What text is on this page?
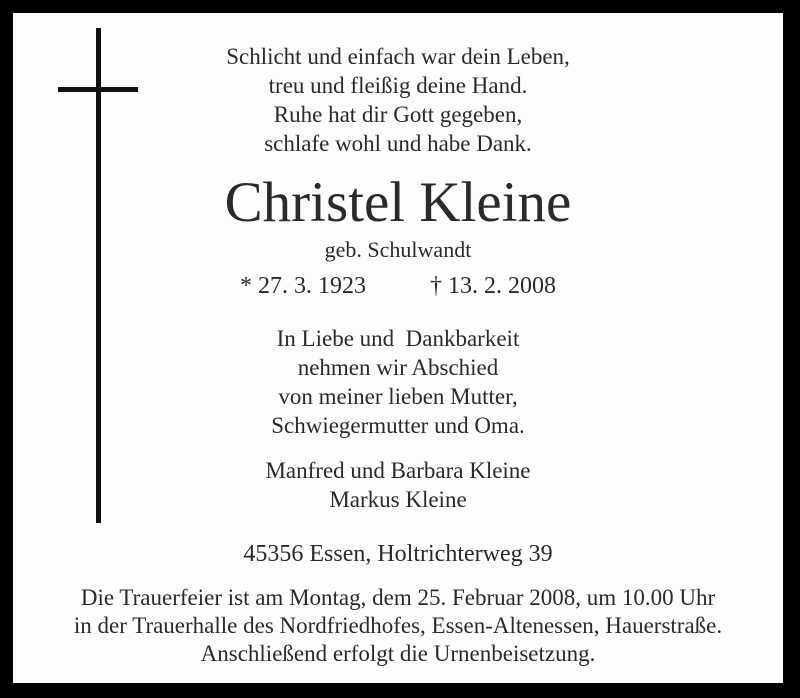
Schlicht und einfach war dein Leben,
treu und fleißig deine Hand.
Ruhe hat dir Gott gegeben,
schlafe wohl und habe Dank.
Christel Kleine
geb. Schulwandt
* 27. 3. 1923	† 13. 2. 2008
In Liebe und  Dankbarkeit
nehmen wir Abschied
von meiner lieben Mutter,
Schwiegermutter und Oma.
Manfred und Barbara Kleine
Markus Kleine
45356 Essen, Holtrichterweg 39
Die Trauerfeier ist am Montag, dem 25. Februar 2008, um 10.00 Uhr
in der Trauerhalle des Nordfriedhofes, Essen-Altenessen, Hauerstraße.
Anschließend erfolgt die Urnenbeisetzung.
